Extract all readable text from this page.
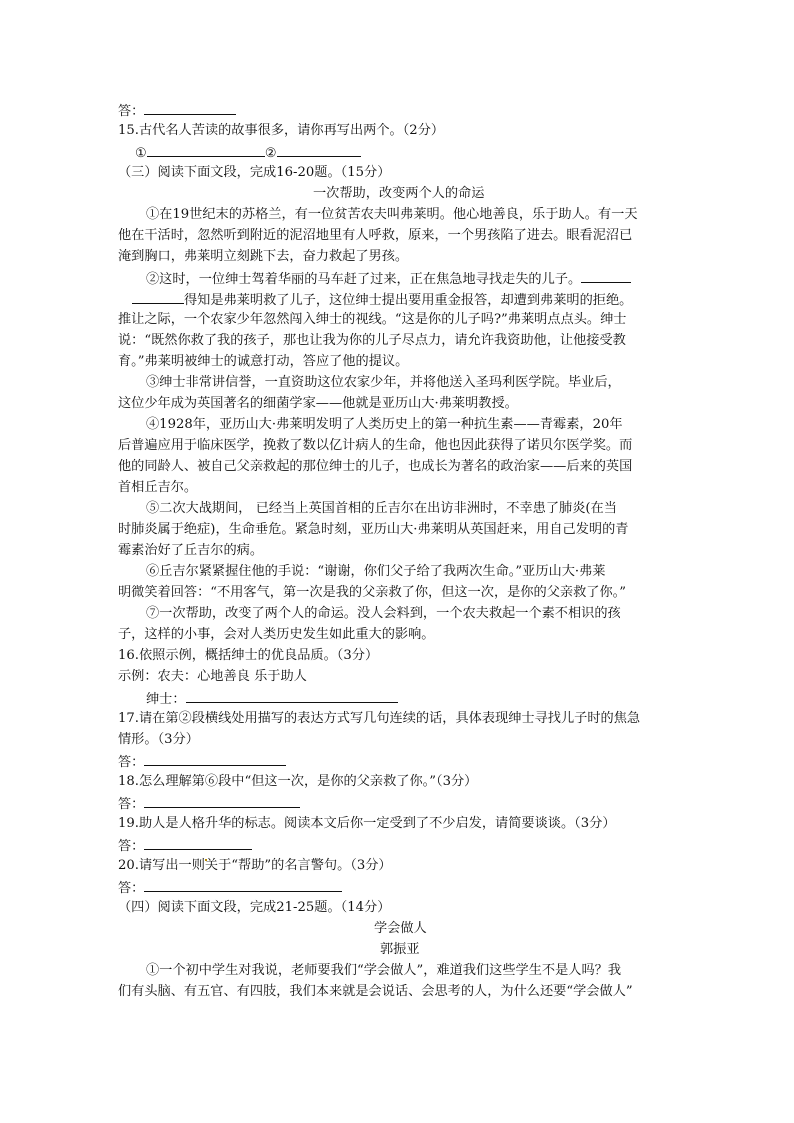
答：
15.古代名人苦读的故事很多，请你再写出两个。（2分）
①	②
（三）阅读下面文段，完成16-20题。（15分）
一次帮助，改变两个人的命运
①在19世纪末的苏格兰，有一位贫苦农夫叫弗莱明。他心地善良，乐于助人。有一天
他在干活时，忽然听到附近的泥沼地里有人呼救，原来，一个男孩陷了进去。眼看泥沼已
淹到胸口，弗莱明立刻跳下去，奋力救起了男孩。
②这时，一位绅士驾着华丽的马车赶了过来，正在焦急地寻找走失的儿子。
得知是弗莱明救了儿子，这位绅士提出要用重金报答，却遭到弗莱明的拒绝。
推让之际，一个农家少年忽然闯入绅士的视线。“这是你的儿子吗?”弗莱明点点头。绅士
说：“既然你救了我的孩子，那也让我为你的儿子尽点力，请允许我资助他，让他接受教
育。”弗莱明被绅士的诚意打动，答应了他的提议。
③绅士非常讲信誉，一直资助这位农家少年，并将他送入圣玛利医学院。毕业后，
这位少年成为英国著名的细菌学家——他就是亚历山大·弗莱明教授。
④1928年，亚历山大·弗莱明发明了人类历史上的第一种抗生素——青霉素，20年
后普遍应用于临床医学，挽救了数以亿计病人的生命，他也因此获得了诺贝尔医学奖。而
他的同龄人、被自己父亲救起的那位绅士的儿子，也成长为著名的政治家——后来的英国
首相丘吉尔。
⑤二次大战期间， 已经当上英国首相的丘吉尔在出访非洲时，不幸患了肺炎(在当
时肺炎属于绝症)，生命垂危。紧急时刻，亚历山大·弗莱明从英国赶来，用自己发明的青
霉素治好了丘吉尔的病。
⑥丘吉尔紧紧握住他的手说：“谢谢，你们父子给了我两次生命。”亚历山大·弗莱
明微笑着回答：“不用客气，第一次是我的父亲救了你，但这一次，是你的父亲救了你。”
⑦一次帮助，改变了两个人的命运。没人会料到，一个农夫救起一个素不相识的孩
子，这样的小事，会对人类历史发生如此重大的影响。
16.依照示例，概括绅士的优良品质。（3分）
示例：农夫：心地善良 乐于助人
绅士：
17.请在第②段横线处用描写的表达方式写几句连续的话，具体表现绅士寻找儿子时的焦急
情形。（3分）
答：
18.怎么理解第⑥段中“但这一次，是你的父亲救了你。”（3分）
答：
19.助人是人格升华的标志。阅读本文后你一定受到了不少启发，请简要谈谈。（3分）
答：
20.请写出一则关于“帮助”的名言警句。（3分）
答：
（四）阅读下面文段，完成21-25题。（14分）
学会做人
郭振亚
①一个初中学生对我说，老师要我们“学会做人”，难道我们这些学生不是人吗？我
们有头脑、有五官、有四肢，我们本来就是会说话、会思考的人，为什么还要“学会做人”
